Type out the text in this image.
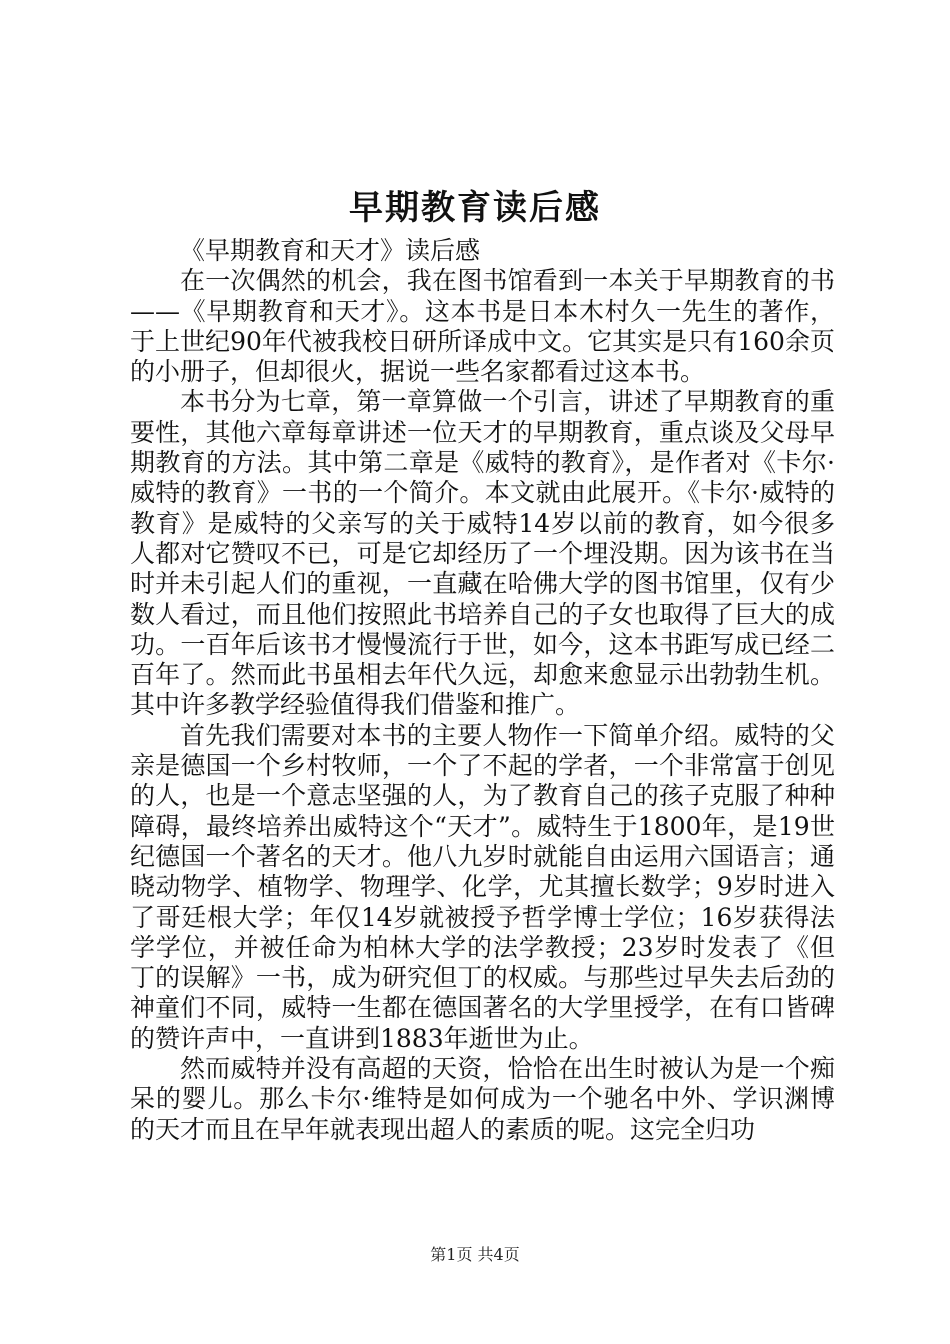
早期教育读后感

《早期教育和天才》读后感

在一次偶然的机会，我在图书馆看到一本关于早期教育的书——《早期教育和天才》。这本书是日本木村久一先生的著作，于上世纪90年代被我校日研所译成中文。它其实是只有160余页的小册子，但却很火，据说一些名家都看过这本书。

本书分为七章，第一章算做一个引言，讲述了早期教育的重要性，其他六章每章讲述一位天才的早期教育，重点谈及父母早期教育的方法。其中第二章是《威特的教育》，是作者对《卡尔·威特的教育》一书的一个简介。本文就由此展开。《卡尔·威特的教育》是威特的父亲写的关于威特14岁以前的教育，如今很多人都对它赞叹不已，可是它却经历了一个埋没期。因为该书在当时并未引起人们的重视，一直藏在哈佛大学的图书馆里，仅有少数人看过，而且他们按照此书培养自己的子女也取得了巨大的成功。一百年后该书才慢慢流行于世，如今，这本书距写成已经二百年了。然而此书虽相去年代久远，却愈来愈显示出勃勃生机。其中许多教学经验值得我们借鉴和推广。

首先我们需要对本书的主要人物作一下简单介绍。威特的父亲是德国一个乡村牧师，一个了不起的学者，一个非常富于创见的人，也是一个意志坚强的人，为了教育自己的孩子克服了种种障碍，最终培养出威特这个“天才”。威特生于1800年，是19世纪德国一个著名的天才。他八九岁时就能自由运用六国语言；通晓动物学、植物学、物理学、化学，尤其擅长数学；9岁时进入了哥廷根大学；年仅14岁就被授予哲学博士学位；16岁获得法学学位，并被任命为柏林大学的法学教授；23岁时发表了《但丁的误解》一书，成为研究但丁的权威。与那些过早失去后劲的神童们不同，威特一生都在德国著名的大学里授学，在有口皆碑的赞许声中，一直讲到1883年逝世为止。

然而威特并没有高超的天资，恰恰在出生时被认为是一个痴呆的婴儿。那么卡尔·维特是如何成为一个驰名中外、学识渊博的天才而且在早年就表现出超人的素质的呢。这完全归功

第1页 共4页
